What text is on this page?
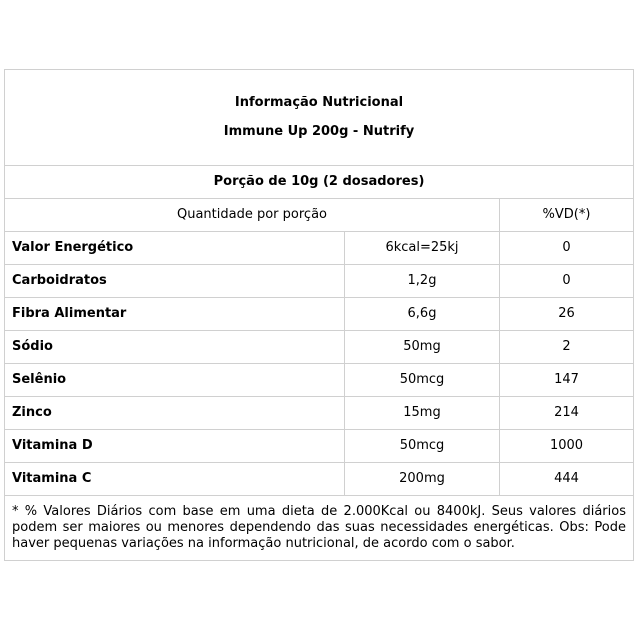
Informação Nutricional
Immune Up 200g - Nutrify		

Porção de 10g (2 dosadores)		
Quantidade por porção		%VD(*)
Valor Energético	6kcal=25kj	0
Carboidratos	1,2g	0
Fibra Alimentar	6,6g	26
Sódio	50mg	2
Selênio	50mcg	147
Zinco	15mg	214
Vitamina D	50mcg	1000
Vitamina C	200mg	444
* % Valores Diários com base em uma dieta de 2.000Kcal ou 8400kJ. Seus valores diários podem ser maiores ou menores dependendo das suas necessidades energéticas. Obs: Pode haver pequenas variações na informação nutricional, de acordo com o sabor.		
